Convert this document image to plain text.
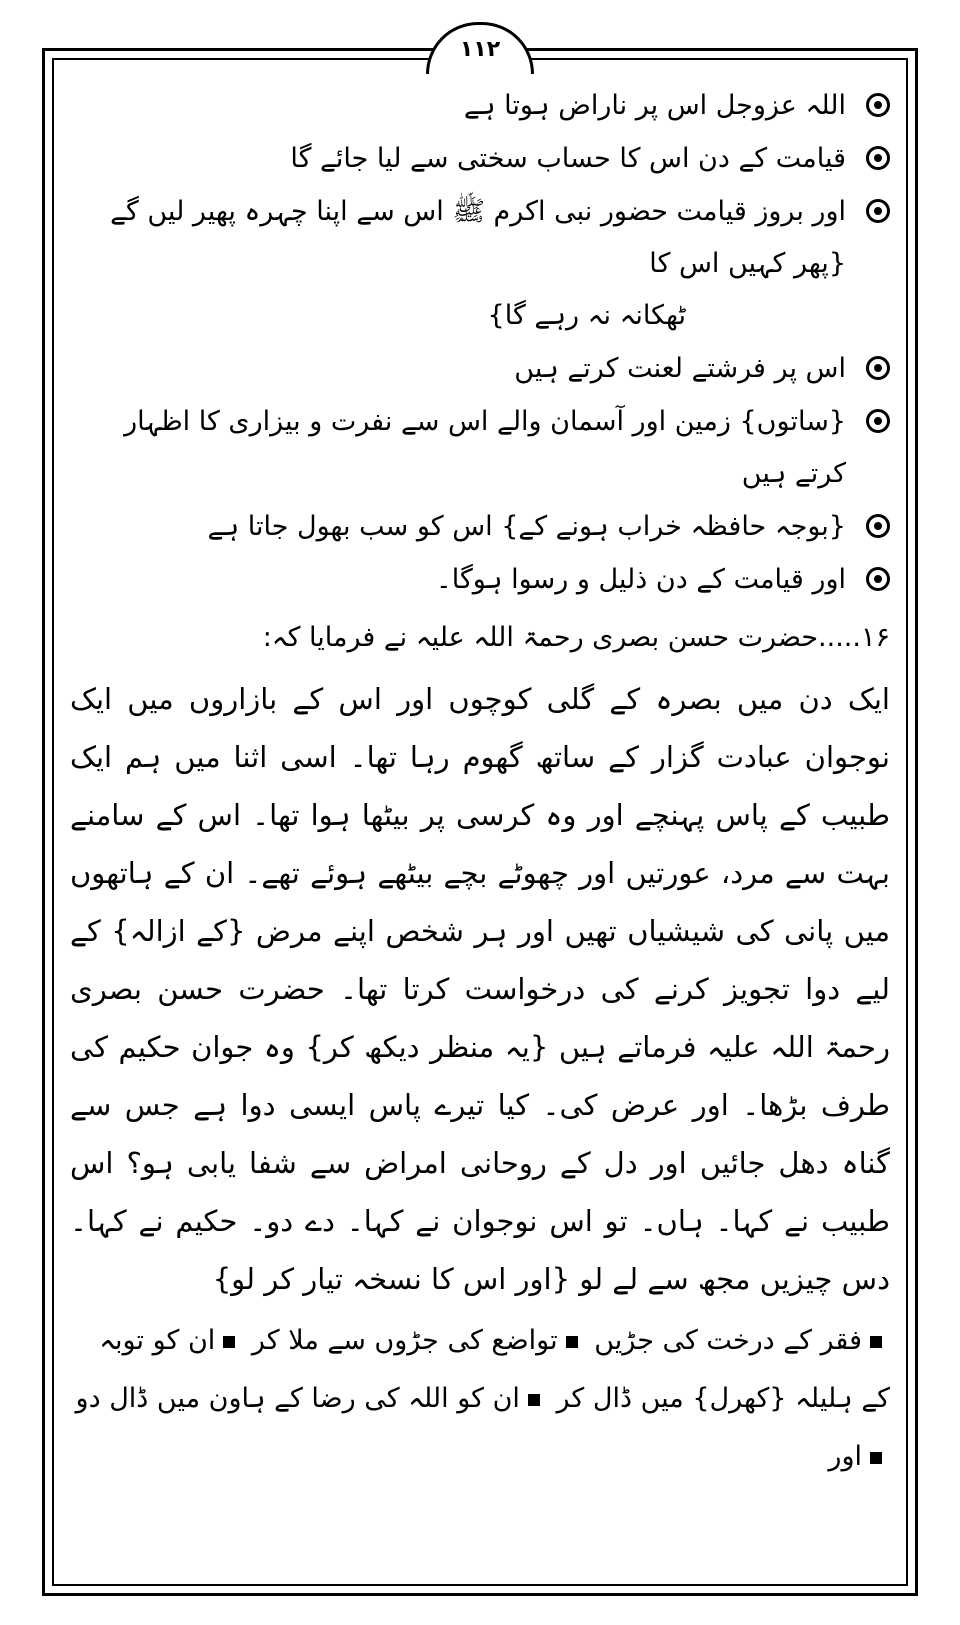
۱۱۲
اللہ عزوجل اس پر ناراض ہوتا ہے
قیامت کے دن اس کا حساب سختی سے لیا جائے گا
اور بروز قیامت حضور نبی اکرم ﷺ اس سے اپنا چہرہ پھیر لیں گے {پھر کہیں اس کا
ٹھکانہ نہ رہے گا}
اس پر فرشتے لعنت کرتے ہیں
{ساتوں} زمین اور آسمان والے اس سے نفرت و بیزاری کا اظہار کرتے ہیں
{بوجہ حافظہ خراب ہونے کے} اس کو سب بھول جاتا ہے
اور قیامت کے دن ذلیل و رسوا ہوگا۔

۱۶.....حضرت حسن بصری رحمۃ اللہ علیہ نے فرمایا کہ:

ایک دن میں بصرہ کے گلی کوچوں اور اس کے بازاروں میں ایک نوجوان عبادت گزار کے ساتھ گھوم رہا تھا۔ اسی اثنا میں ہم ایک طبیب کے پاس پہنچے اور وہ کرسی پر بیٹھا ہوا تھا۔ اس کے سامنے بہت سے مرد، عورتیں اور چھوٹے بچے بیٹھے ہوئے تھے۔ ان کے ہاتھوں میں پانی کی شیشیاں تھیں اور ہر شخص اپنے مرض {کے ازالہ} کے لیے دوا تجویز کرنے کی درخواست کرتا تھا۔ حضرت حسن بصری رحمۃ اللہ علیہ فرماتے ہیں {یہ منظر دیکھ کر} وہ جوان حکیم کی طرف بڑھا۔ اور عرض کی۔ کیا تیرے پاس ایسی دوا ہے جس سے گناہ دھل جائیں اور دل کے روحانی امراض سے شفا یابی ہو؟ اس طبیب نے کہا۔ ہاں۔ تو اس نوجوان نے کہا۔ دے دو۔ حکیم نے کہا۔ دس چیزیں مجھ سے لے لو {اور اس کا نسخہ تیار کر لو}

فقر کے درخت کی جڑیں تواضع کی جڑوں سے ملا کر ان کو توبہ کے ہلیلہ {کھرل} میں ڈال کر ان کو اللہ کی رضا کے ہاون میں ڈال دو اور
